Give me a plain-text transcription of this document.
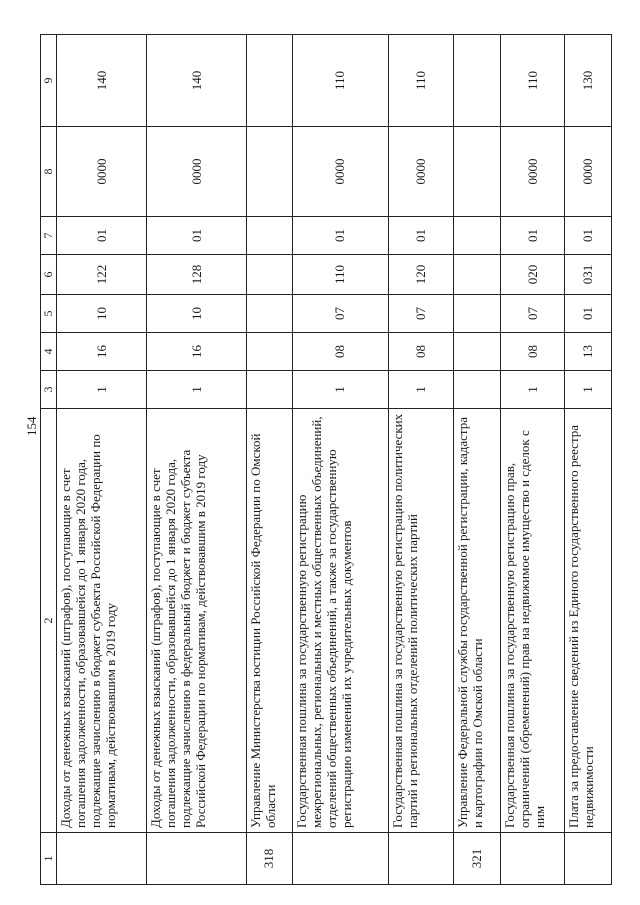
154
1	2	3	4	5	6	7	8	9
	Доходы от денежных взысканий (штрафов), поступающие в счет погашения задолженности, образовавшейся до 1 января 2020 года, подлежащие зачислению в бюджет субъекта Российской Федерации по нормативам, действовавшим в 2019 году	1	16	10	122	01	0000	140
	Доходы от денежных взысканий (штрафов), поступающие в счет погашения задолженности, образовавшейся до 1 января 2020 года, подлежащие зачислению в федеральный бюджет и бюджет субъекта Российской Федерации по нормативам, действовавшим в 2019 году	1	16	10	128	01	0000	140
318	Управление Министерства юстиции Российской Федерации по Омской области							
	Государственная пошлина за государственную регистрацию межрегиональных, региональных и местных общественных объединений, отделений общественных объединений, а также за государственную регистрацию изменений их учредительных документов	1	08	07	110	01	0000	110
	Государственная пошлина за государственную регистрацию политических партий и региональных отделений политических партий	1	08	07	120	01	0000	110
321	Управление Федеральной службы государственной регистрации, кадастра и картографии по Омской области							
	Государственная пошлина за государственную регистрацию прав, ограничений (обременений) прав на недвижимое имущество и сделок с ним	1	08	07	020	01	0000	110
	Плата за предоставление сведений из Единого государственного реестра недвижимости	1	13	01	031	01	0000	130
